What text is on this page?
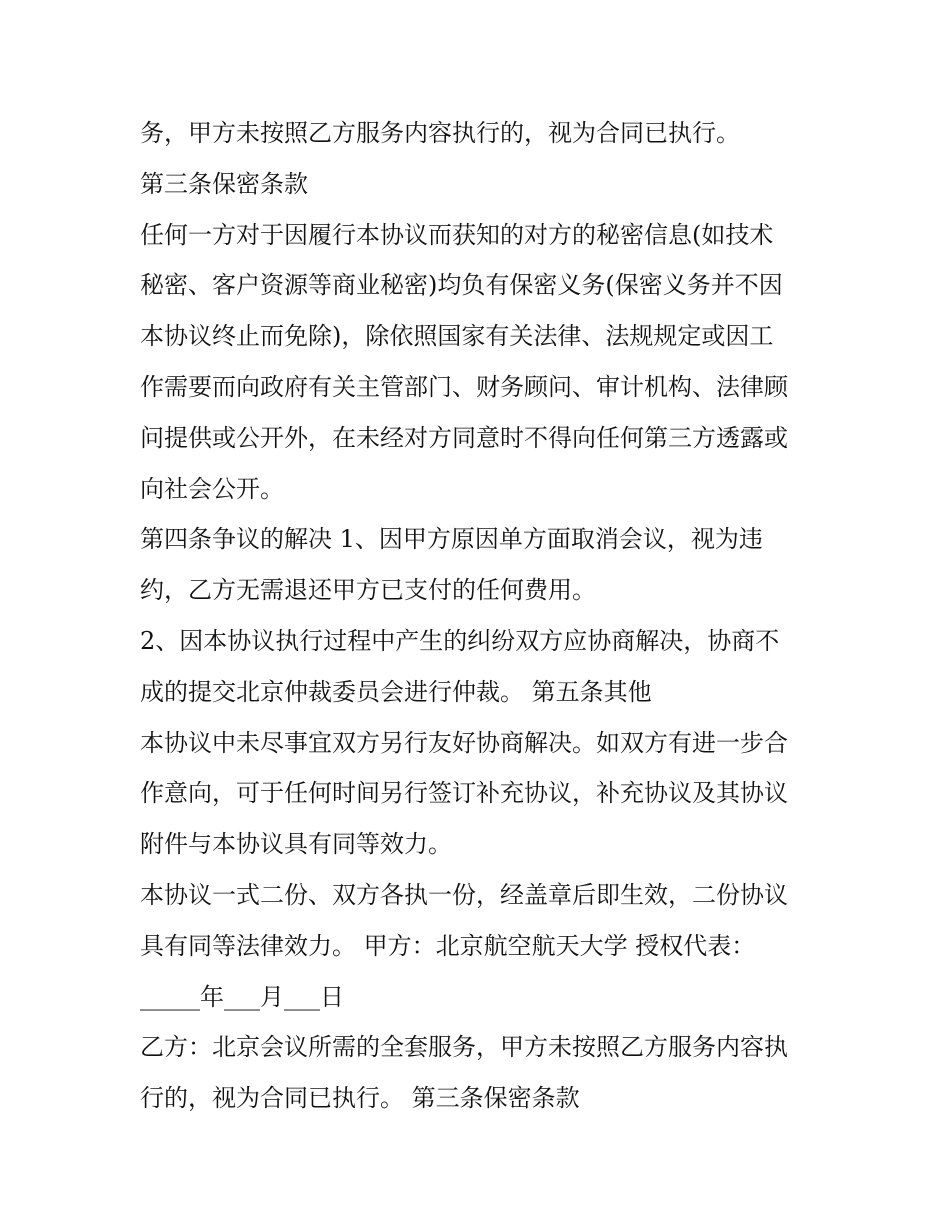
务，甲方未按照乙方服务内容执行的，视为合同已执行。
第三条保密条款
任何一方对于因履行本协议而获知的对方的秘密信息(如技术
秘密、客户资源等商业秘密)均负有保密义务(保密义务并不因
本协议终止而免除)，除依照国家有关法律、法规规定或因工
作需要而向政府有关主管部门、财务顾问、审计机构、法律顾
问提供或公开外，在未经对方同意时不得向任何第三方透露或
向社会公开。
第四条争议的解决 1、因甲方原因单方面取消会议，视为违
约，乙方无需退还甲方已支付的任何费用。
2、因本协议执行过程中产生的纠纷双方应协商解决，协商不
成的提交北京仲裁委员会进行仲裁。 第五条其他
本协议中未尽事宜双方另行友好协商解决。如双方有进一步合
作意向，可于任何时间另行签订补充协议，补充协议及其协议
附件与本协议具有同等效力。
本协议一式二份、双方各执一份，经盖章后即生效，二份协议
具有同等法律效力。 甲方：北京航空航天大学 授权代表：
_____年___月___日
乙方：北京会议所需的全套服务，甲方未按照乙方服务内容执
行的，视为合同已执行。 第三条保密条款
